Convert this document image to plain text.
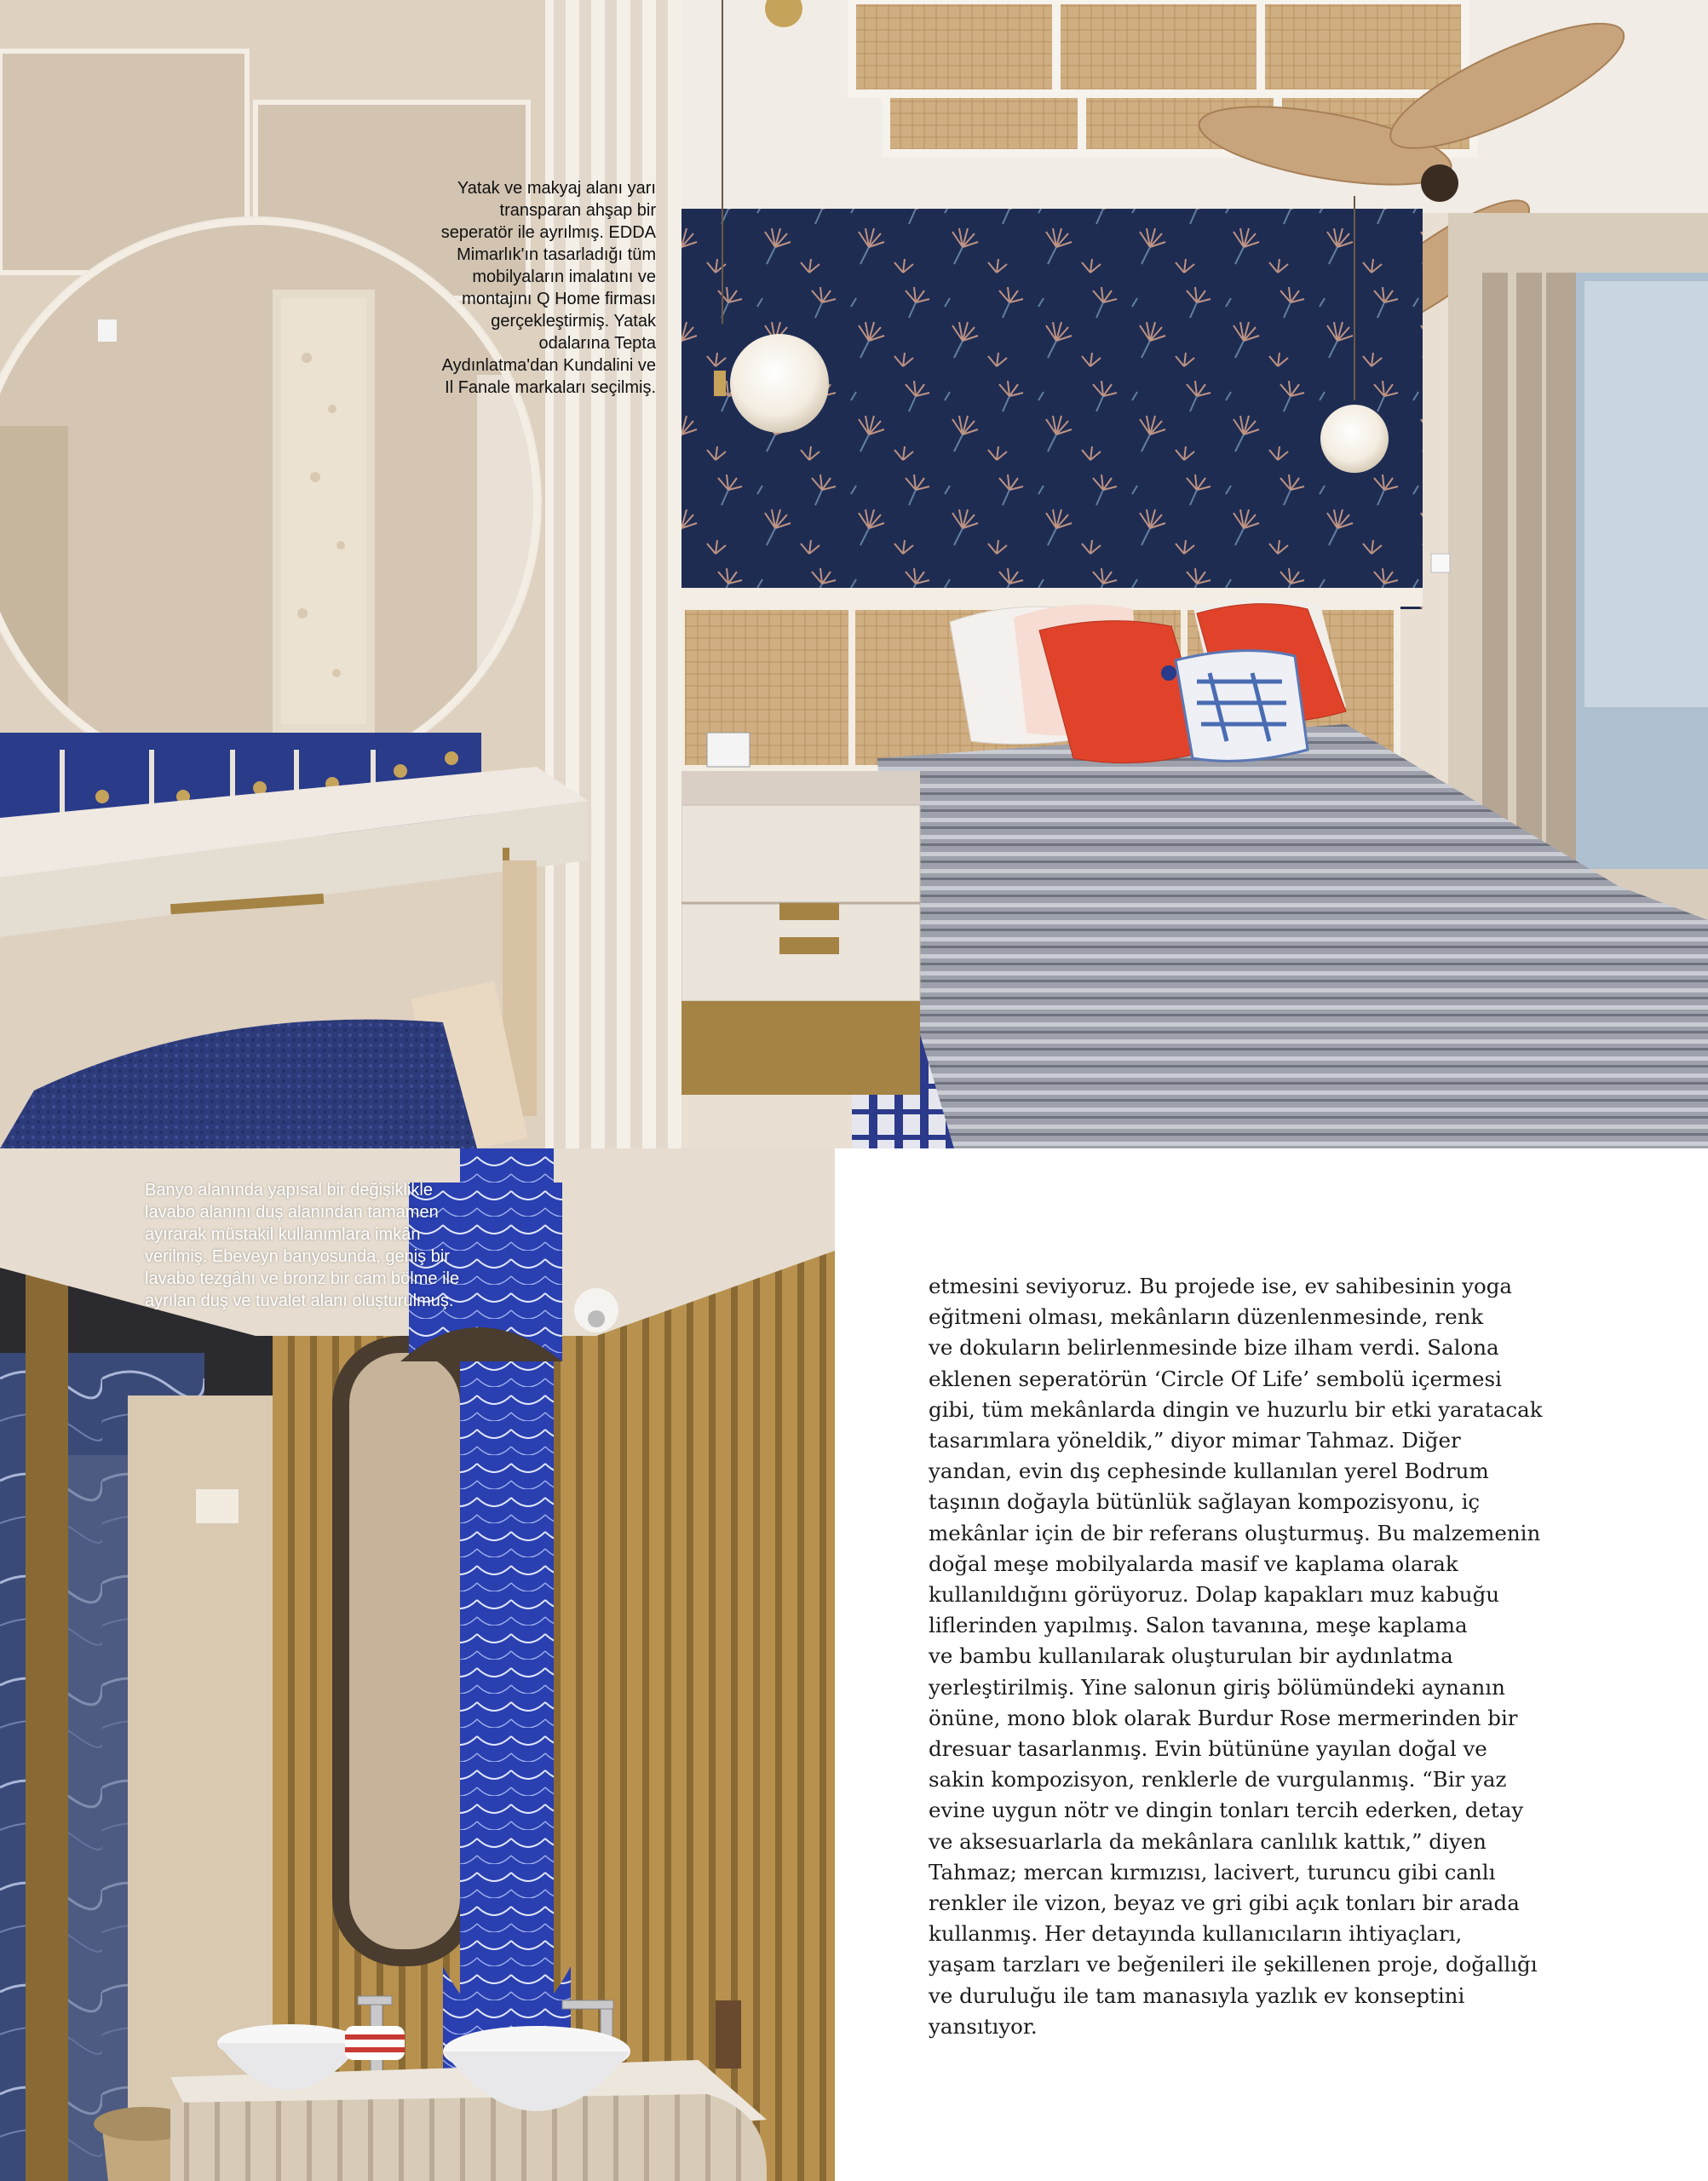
Yatak ve makyaj alanı yarı
transparan ahşap bir
seperatör ile ayrılmış. EDDA
Mimarlık'ın tasarladığı tüm
mobilyaların imalatını ve
montajını Q Home firması
gerçekleştirmiş. Yatak
odalarına Tepta
Aydınlatma'dan Kundalini ve
Il Fanale markaları seçilmiş.
Banyo alanında yapısal bir değişiklikle
lavabo alanını duş alanından tamamen
ayırarak müstakil kullanımlara imkân
verilmiş. Ebeveyn banyosunda, geniş bir
lavabo tezgâhı ve bronz bir cam bölme ile
ayrılan duş ve tuvalet alanı oluşturulmuş.
etmesini seviyoruz. Bu projede ise, ev sahibesinin yoga
eğitmeni olması, mekânların düzenlenmesinde, renk
ve dokuların belirlenmesinde bize ilham verdi. Salona
eklenen seperatörün ‘Circle Of Life’ sembolü içermesi
gibi, tüm mekânlarda dingin ve huzurlu bir etki yaratacak
tasarımlara yöneldik,” diyor mimar Tahmaz. Diğer
yandan, evin dış cephesinde kullanılan yerel Bodrum
taşının doğayla bütünlük sağlayan kompozisyonu, iç
mekânlar için de bir referans oluşturmuş. Bu malzemenin
doğal meşe mobilyalarda masif ve kaplama olarak
kullanıldığını görüyoruz. Dolap kapakları muz kabuğu
liflerinden yapılmış. Salon tavanına, meşe kaplama
ve bambu kullanılarak oluşturulan bir aydınlatma
yerleştirilmiş. Yine salonun giriş bölümündeki aynanın
önüne, mono blok olarak Burdur Rose mermerinden bir
dresuar tasarlanmış. Evin bütününe yayılan doğal ve
sakin kompozisyon, renklerle de vurgulanmış. “Bir yaz
evine uygun nötr ve dingin tonları tercih ederken, detay
ve aksesuarlarla da mekânlara canlılık kattık,” diyen
Tahmaz; mercan kırmızısı, lacivert, turuncu gibi canlı
renkler ile vizon, beyaz ve gri gibi açık tonları bir arada
kullanmış. Her detayında kullanıcıların ihtiyaçları,
yaşam tarzları ve beğenileri ile şekillenen proje, doğallığı
ve duruluğu ile tam manasıyla yazlık ev konseptini
yansıtıyor.
